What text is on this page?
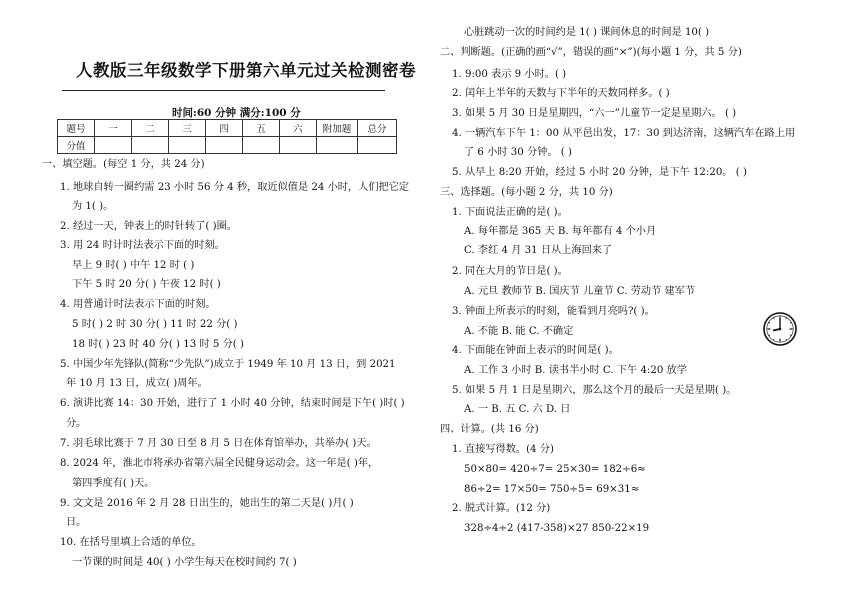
人教版三年级数学下册第六单元过关检测密卷
时间:60 分钟 满分:100 分
题号	一	二	三	四	五	六	附加题	总分
分值								
一、填空题。(每空 1 分，共 24 分)
1. 地球自转一圈约需 23 小时 56 分 4 秒，取近似值是 24 小时，人们把它定
为 1( )。
2. 经过一天，钟表上的时针转了( )圈。
3. 用 24 时计时法表示下面的时刻。
早上 9 时( ) 中午 12 时 ( )
下午 5 时 20 分( ) 午夜 12 时( )
4. 用普通计时法表示下面的时刻。
5 时( ) 2 时 30 分( ) 11 时 22 分( )
18 时( ) 23 时 40 分( ) 13 时 5 分( )
5. 中国少年先锋队(简称“少先队”)成立于 1949 年 10 月 13 日，到 2021
年 10 月 13 日，成立( )周年。
6. 演讲比赛 14：30 开始，进行了 1 小时 40 分钟，结束时间是下午( )时( )
分。
7. 羽毛球比赛于 7 月 30 日至 8 月 5 日在体育馆举办，共举办( )天。
8. 2024 年，淮北市将承办省第六届全民健身运动会。这一年是( )年，
第四季度有( )天。
9. 文文是 2016 年 2 月 28 日出生的，她出生的第二天是( )月( )
日。
10. 在括号里填上合适的单位。
一节课的时间是 40( ) 小学生每天在校时间约 7( )
心脏跳动一次的时间约是 1( ) 课间休息的时间是 10( )
二、判断题。(正确的画“√”，错误的画“×”)(每小题 1 分，共 5 分)
1. 9:00 表示 9 小时。( )
2. 闰年上半年的天数与下半年的天数同样多。( )
3. 如果 5 月 30 日是星期四，“六一”儿童节一定是星期六。 ( )
4. 一辆汽车下午 1：00 从平邑出发，17：30 到达济南，这辆汽车在路上用
了 6 小时 30 分钟。 ( )
5. 从早上 8:20 开始，经过 5 小时 20 分钟，是下午 12:20。 ( )
三、选择题。(每小题 2 分，共 10 分)
1. 下面说法正确的是( )。
A. 每年都是 365 天 B. 每年都有 4 个小月
C. 李红 4 月 31 日从上海回来了
2. 同在大月的节日是( )。
A. 元旦 教师节 B. 国庆节 儿童节 C. 劳动节 建军节
3. 钟面上所表示的时刻，能看到月亮吗?( )。
A. 不能 B. 能 C. 不确定
4. 下面能在钟面上表示的时间是( )。
A. 工作 3 小时 B. 读书半小时 C. 下午 4:20 放学
5. 如果 5 月 1 日是星期六，那么这个月的最后一天是星期( )。
A. 一 B. 五 C. 六 D. 日
四、计算。(共 16 分)
1. 直接写得数。(4 分)
50×80= 420÷7= 25×30= 182÷6≈
86÷2= 17×50= 750÷5= 69×31≈
2. 脱式计算。(12 分)
328÷4÷2 (417-358)×27 850-22×19
